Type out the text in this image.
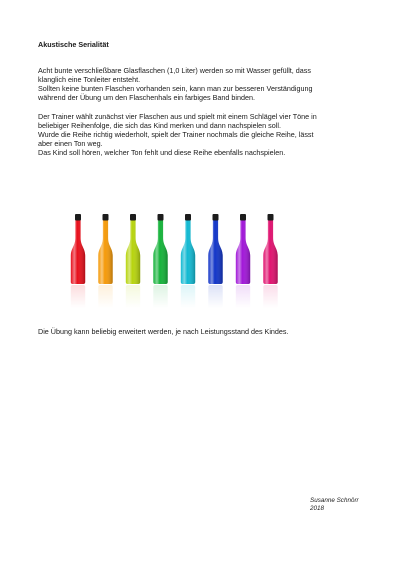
Akustische Serialität

Acht bunte verschließbare Glasflaschen (1,0 Liter) werden so mit Wasser gefüllt, dass

klanglich eine Tonleiter entsteht.

Sollten keine bunten Flaschen vorhanden sein, kann man zur besseren Verständigung

während der Übung um den Flaschenhals ein farbiges Band binden.

Der Trainer wählt zunächst vier Flaschen aus und spielt mit einem Schlägel vier Töne in

beliebiger Reihenfolge, die sich das Kind merken und dann nachspielen soll.

Wurde die Reihe richtig wiederholt, spielt der Trainer nochmals die gleiche Reihe, lässt

aber einen Ton weg.

Das Kind soll hören, welcher Ton fehlt und diese Reihe ebenfalls nachspielen.

Die Übung kann beliebig erweitert werden, je nach Leistungsstand des Kindes.

Susanne Schnörr
2018
